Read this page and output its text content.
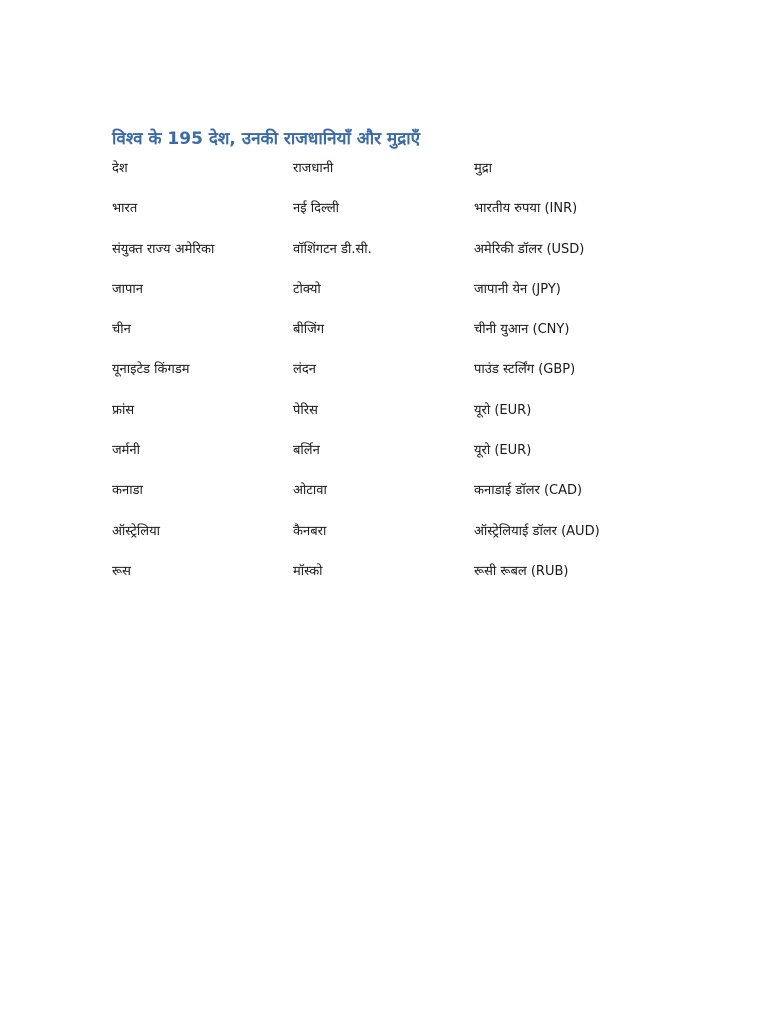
विश्व के 195 देश, उनकी राजधानियाँ और मुद्राएँ
देश	राजधानी	मुद्रा
भारत	नई दिल्ली	भारतीय रुपया (INR)
संयुक्त राज्य अमेरिका	वॉशिंगटन डी.सी.	अमेरिकी डॉलर (USD)
जापान	टोक्यो	जापानी येन (JPY)
चीन	बीजिंग	चीनी युआन (CNY)
यूनाइटेड किंगडम	लंदन	पाउंड स्टर्लिंग (GBP)
फ्रांस	पेरिस	यूरो (EUR)
जर्मनी	बर्लिन	यूरो (EUR)
कनाडा	ओटावा	कनाडाई डॉलर (CAD)
ऑस्ट्रेलिया	कैनबरा	ऑस्ट्रेलियाई डॉलर (AUD)
रूस	मॉस्को	रूसी रूबल (RUB)
